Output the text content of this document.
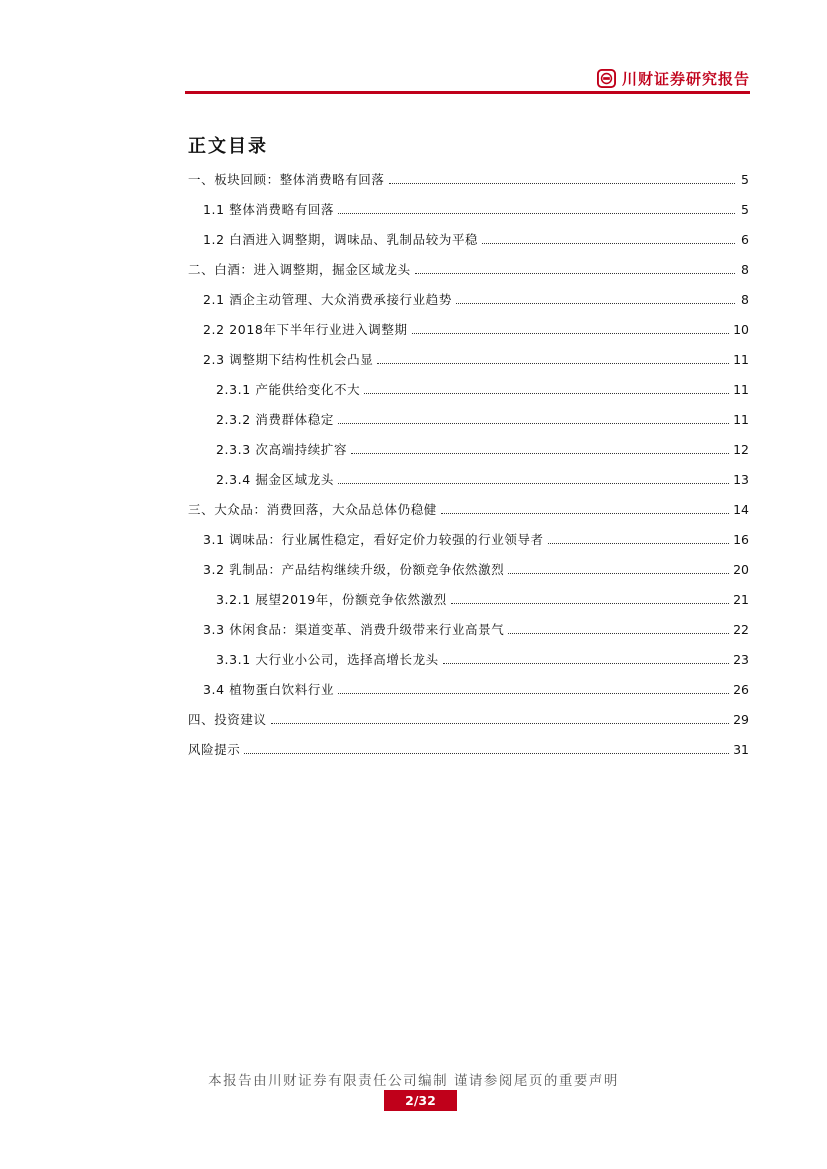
川财证券研究报告
正文目录
一、板块回顾：整体消费略有回落	5
1.1 整体消费略有回落	5
1.2 白酒进入调整期，调味品、乳制品较为平稳	6
二、白酒：进入调整期，掘金区域龙头	8
2.1 酒企主动管理、大众消费承接行业趋势	8
2.2 2018年下半年行业进入调整期	10
2.3 调整期下结构性机会凸显	11
2.3.1 产能供给变化不大	11
2.3.2 消费群体稳定	11
2.3.3 次高端持续扩容	12
2.3.4 掘金区域龙头	13
三、大众品：消费回落，大众品总体仍稳健	14
3.1 调味品：行业属性稳定，看好定价力较强的行业领导者	16
3.2 乳制品：产品结构继续升级，份额竞争依然激烈	20
3.2.1 展望2019年，份额竞争依然激烈	21
3.3 休闲食品：渠道变革、消费升级带来行业高景气	22
3.3.1 大行业小公司，选择高增长龙头	23
3.4 植物蛋白饮料行业	26
四、投资建议	29
风险提示	31
本报告由川财证券有限责任公司编制 谨请参阅尾页的重要声明
2/32
